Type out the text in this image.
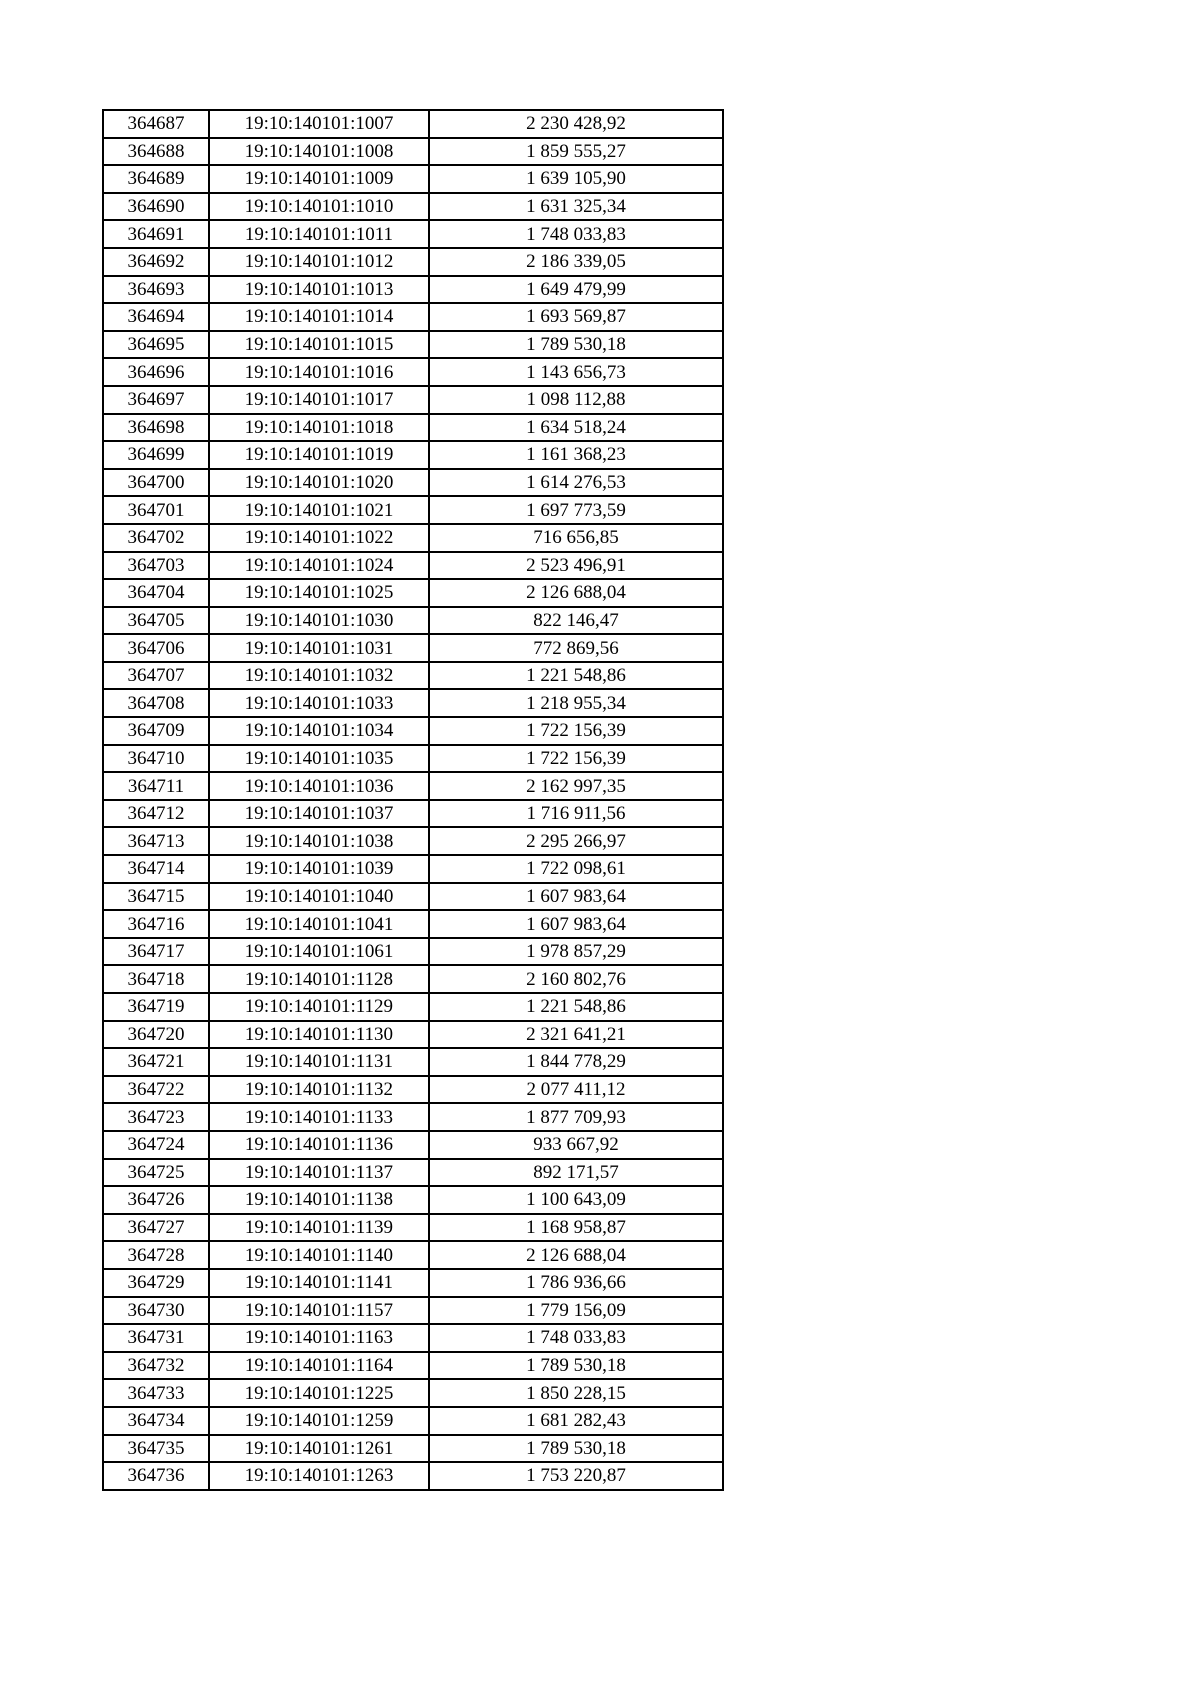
364687	19:10:140101:1007	2 230 428,92
364688	19:10:140101:1008	1 859 555,27
364689	19:10:140101:1009	1 639 105,90
364690	19:10:140101:1010	1 631 325,34
364691	19:10:140101:1011	1 748 033,83
364692	19:10:140101:1012	2 186 339,05
364693	19:10:140101:1013	1 649 479,99
364694	19:10:140101:1014	1 693 569,87
364695	19:10:140101:1015	1 789 530,18
364696	19:10:140101:1016	1 143 656,73
364697	19:10:140101:1017	1 098 112,88
364698	19:10:140101:1018	1 634 518,24
364699	19:10:140101:1019	1 161 368,23
364700	19:10:140101:1020	1 614 276,53
364701	19:10:140101:1021	1 697 773,59
364702	19:10:140101:1022	716 656,85
364703	19:10:140101:1024	2 523 496,91
364704	19:10:140101:1025	2 126 688,04
364705	19:10:140101:1030	822 146,47
364706	19:10:140101:1031	772 869,56
364707	19:10:140101:1032	1 221 548,86
364708	19:10:140101:1033	1 218 955,34
364709	19:10:140101:1034	1 722 156,39
364710	19:10:140101:1035	1 722 156,39
364711	19:10:140101:1036	2 162 997,35
364712	19:10:140101:1037	1 716 911,56
364713	19:10:140101:1038	2 295 266,97
364714	19:10:140101:1039	1 722 098,61
364715	19:10:140101:1040	1 607 983,64
364716	19:10:140101:1041	1 607 983,64
364717	19:10:140101:1061	1 978 857,29
364718	19:10:140101:1128	2 160 802,76
364719	19:10:140101:1129	1 221 548,86
364720	19:10:140101:1130	2 321 641,21
364721	19:10:140101:1131	1 844 778,29
364722	19:10:140101:1132	2 077 411,12
364723	19:10:140101:1133	1 877 709,93
364724	19:10:140101:1136	933 667,92
364725	19:10:140101:1137	892 171,57
364726	19:10:140101:1138	1 100 643,09
364727	19:10:140101:1139	1 168 958,87
364728	19:10:140101:1140	2 126 688,04
364729	19:10:140101:1141	1 786 936,66
364730	19:10:140101:1157	1 779 156,09
364731	19:10:140101:1163	1 748 033,83
364732	19:10:140101:1164	1 789 530,18
364733	19:10:140101:1225	1 850 228,15
364734	19:10:140101:1259	1 681 282,43
364735	19:10:140101:1261	1 789 530,18
364736	19:10:140101:1263	1 753 220,87
